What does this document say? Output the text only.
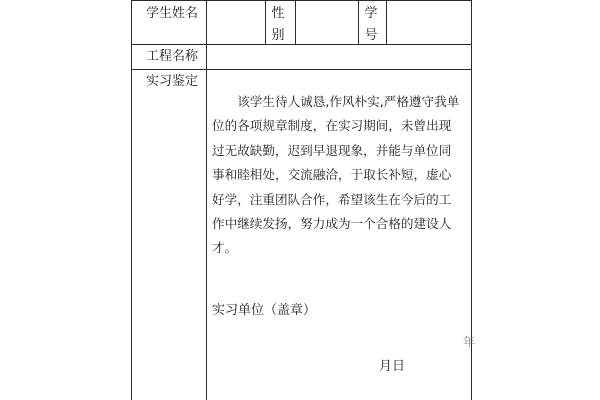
学生姓名	性别
学号
工程名称
实习鉴定
该学生待人诚恳,作风朴实,严格遵守我单位的各项规章制度，在实习期间，未曾出现过无故缺勤，迟到早退现象，并能与单位同事和睦相处，交流融洽，于取长补短，虚心好学，注重团队合作，希望该生在今后的工作中继续发扬，努力成为一个合格的建设人才。
实习单位（盖章）
年
月日
